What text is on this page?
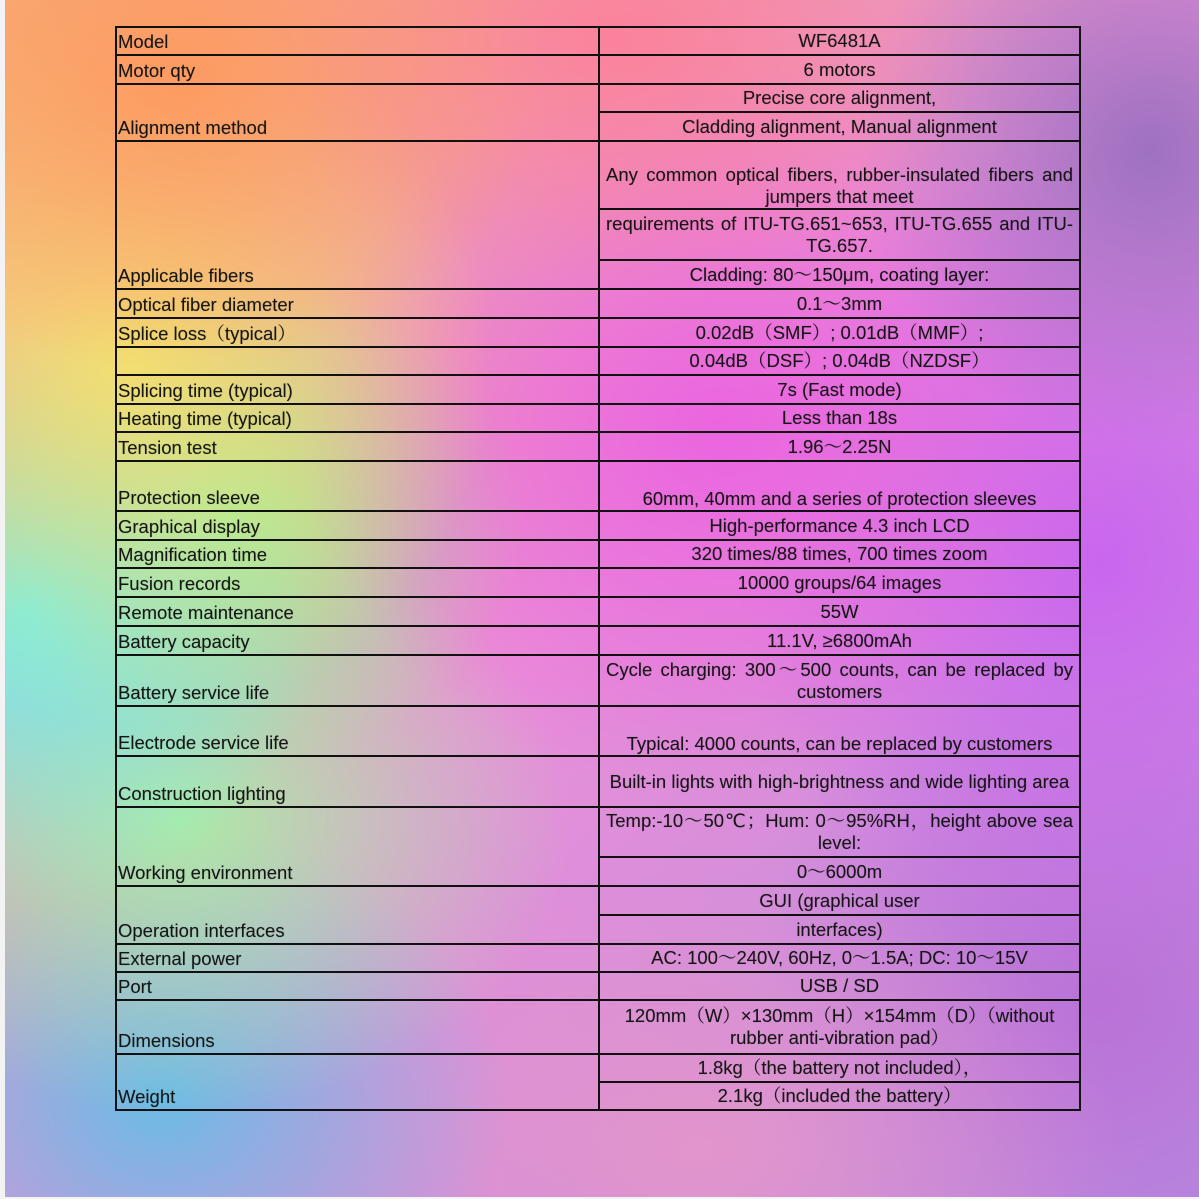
Model	WF6481A
Motor qty	6 motors
Alignment method	Precise core alignment,
	Cladding alignment, Manual alignment
Applicable fibers	Any common optical fibers, rubber-insulated fibers and jumpers that meet
	requirements of ITU-TG.651~653, ITU-TG.655 and ITU-TG.657.
	Cladding: 80～150μm, coating layer:
Optical fiber diameter	0.1～3mm
Splice loss（typical）	0.02dB（SMF）; 0.01dB（MMF）;
	0.04dB（DSF）; 0.04dB（NZDSF）
Splicing time (typical)	7s (Fast mode)
Heating time (typical)	Less than 18s
Tension test	1.96～2.25N
Protection sleeve	60mm, 40mm and a series of protection sleeves
Graphical display	High-performance 4.3 inch LCD
Magnification time	320 times/88 times, 700 times zoom
Fusion records	10000 groups/64 images
Remote maintenance	55W
Battery capacity	11.1V, ≥6800mAh
Battery service life	Cycle charging: 300～500 counts, can be replaced by customers
Electrode service life	Typical: 4000 counts, can be replaced by customers
Construction lighting	Built-in lights with high-brightness and wide lighting area
Working environment	Temp:-10～50℃；Hum: 0～95%RH，height above sea level:
	0～6000m
Operation interfaces	GUI (graphical user
	interfaces)
External power	AC: 100～240V, 60Hz, 0～1.5A; DC: 10～15V
Port	USB / SD
Dimensions	120mm（W）×130mm（H）×154mm（D）（without rubber anti-vibration pad）
Weight	1.8kg（the battery not included），
	2.1kg（included the battery）
